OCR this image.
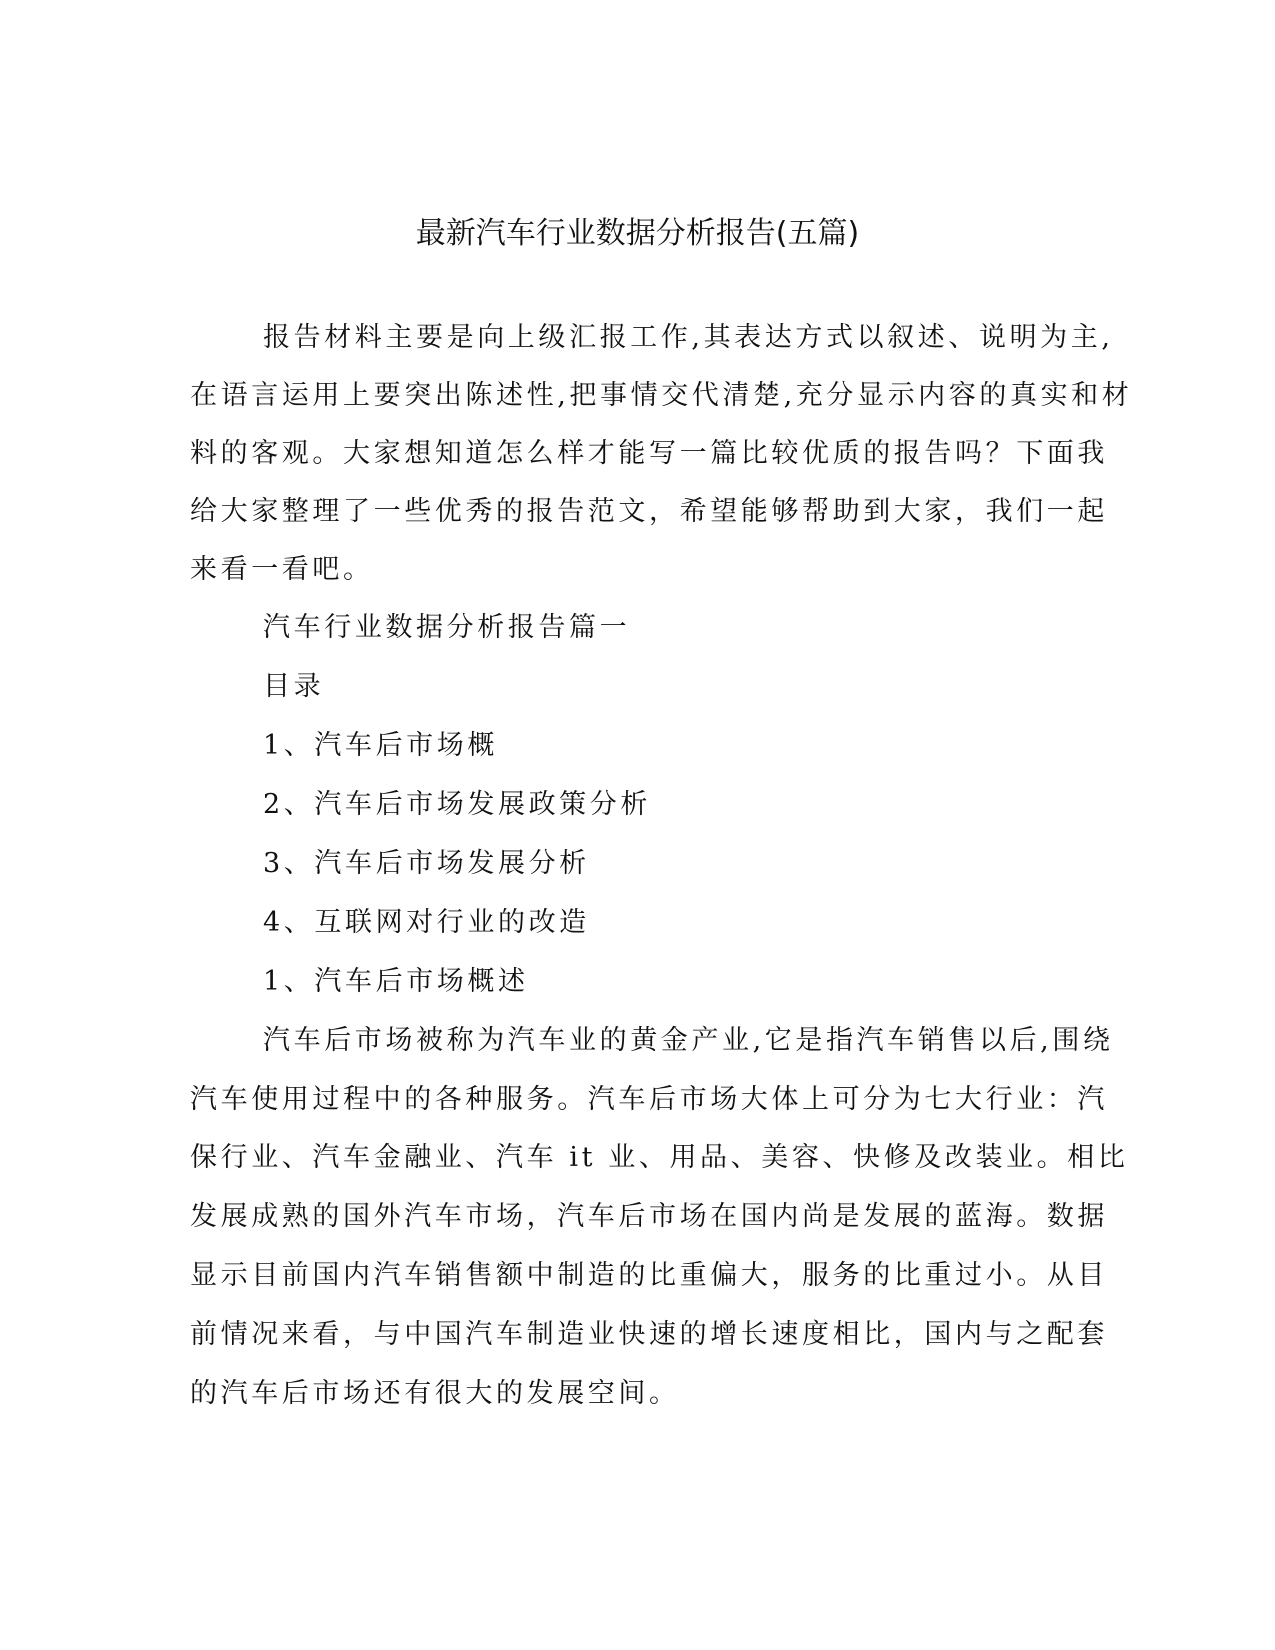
最新汽车行业数据分析报告(五篇)
报告材料主要是向上级汇报工作,其表达方式以叙述、说明为主,
在语言运用上要突出陈述性,把事情交代清楚,充分显示内容的真实和材
料的客观。大家想知道怎么样才能写一篇比较优质的报告吗？下面我
给大家整理了一些优秀的报告范文，希望能够帮助到大家，我们一起
来看一看吧。
汽车行业数据分析报告篇一
目录
1、汽车后市场概
2、汽车后市场发展政策分析
3、汽车后市场发展分析
4、互联网对行业的改造
1、汽车后市场概述
汽车后市场被称为汽车业的黄金产业,它是指汽车销售以后,围绕
汽车使用过程中的各种服务。汽车后市场大体上可分为七大行业：汽
保行业、汽车金融业、汽车 it 业、用品、美容、快修及改装业。相比
发展成熟的国外汽车市场，汽车后市场在国内尚是发展的蓝海。数据
显示目前国内汽车销售额中制造的比重偏大，服务的比重过小。从目
前情况来看，与中国汽车制造业快速的增长速度相比，国内与之配套
的汽车后市场还有很大的发展空间。
